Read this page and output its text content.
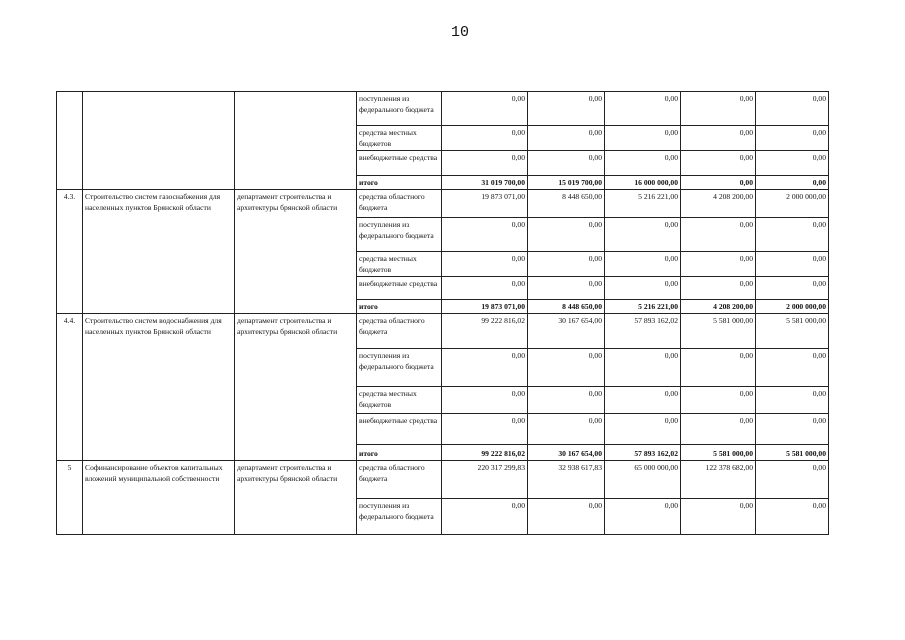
10
			поступления из федерального бюджета	0,00	0,00	0,00	0,00	0,00
			средства местных бюджетов	0,00	0,00	0,00	0,00	0,00
			внебюджетные средства	0,00	0,00	0,00	0,00	0,00
			итого	31 019 700,00	15 019 700,00	16 000 000,00	0,00	0,00
4.3.	Строительство систем газоснабжения для населенных пунктов Брянской области	департамент строительства и архитектуры брянской области	средства областного бюджета	19 873 071,00	8 448 650,00	5 216 221,00	4 208 200,00	2 000 000,00
			поступления из федерального бюджета	0,00	0,00	0,00	0,00	0,00
			средства местных бюджетов	0,00	0,00	0,00	0,00	0,00
			внебюджетные средства	0,00	0,00	0,00	0,00	0,00
			итого	19 873 071,00	8 448 650,00	5 216 221,00	4 208 200,00	2 000 000,00
4.4.	Строительство систем водоснабжения для населенных пунктов Брянской области	департамент строительства и архитектуры брянской области	средства областного бюджета	99 222 816,02	30 167 654,00	57 893 162,02	5 581 000,00	5 581 000,00
			поступления из федерального бюджета	0,00	0,00	0,00	0,00	0,00
			средства местных бюджетов	0,00	0,00	0,00	0,00	0,00
			внебюджетные средства	0,00	0,00	0,00	0,00	0,00
			итого	99 222 816,02	30 167 654,00	57 893 162,02	5 581 000,00	5 581 000,00
5	Софинансирование объектов капитальных вложений муниципальной собственности	департамент строительства и архитектуры брянской области	средства областного бюджета	220 317 299,83	32 938 617,83	65 000 000,00	122 378 682,00	0,00
			поступления из федерального бюджета	0,00	0,00	0,00	0,00	0,00
